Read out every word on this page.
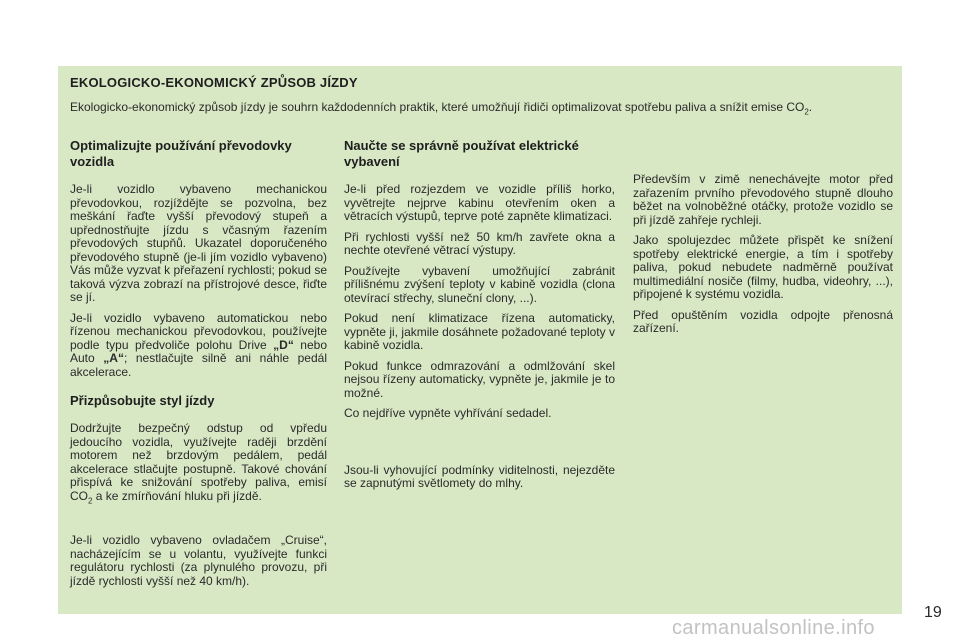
EKOLOGICKO-EKONOMICKÝ ZPŮSOB JÍZDY

Ekologicko-ekonomický způsob jízdy je souhrn každodenních praktik, které umožňují řidiči optimalizovat spotřebu paliva a snížit emise $CO_2$.

Optimalizujte používání převodovky vozidla

Je-li vozidlo vybaveno mechanickou převodovkou, rozjíždějte se pozvolna, bez meškání řaďte vyšší převodový stupeň a upřednostňujte jízdu s včasným řazením převodových stupňů. Ukazatel doporučeného převodového stupně (je-li jím vozidlo vybaveno) Vás může vyzvat k přeřazení rychlosti; pokud se taková výzva zobrazí na přístrojové desce, řiďte se jí.

Je-li vozidlo vybaveno automatickou nebo řízenou mechanickou převodovkou, používejte podle typu předvoliče polohu Drive „D“ nebo Auto „A“; nestlačujte silně ani náhle pedál akcelerace.

Přizpůsobujte styl jízdy

Dodržujte bezpečný odstup od vpředu jedoucího vozidla, využívejte raději brzdění motorem než brzdovým pedálem, pedál akcelerace stlačujte postupně. Takové chování přispívá ke snižování spotřeby paliva, emisí $CO_2$ a ke zmírňování hluku při jízdě.

Je-li vozidlo vybaveno ovladačem „Cruise“, nacházejícím se u volantu, využívejte funkci regulátoru rychlosti (za plynulého provozu, při jízdě rychlosti vyšší než 40 km/h).

Naučte se správně používat elektrické vybavení

Je-li před rozjezdem ve vozidle příliš horko, vyvětrejte nejprve kabinu otevřením oken a větracích výstupů, teprve poté zapněte klimatizaci.

Při rychlosti vyšší než 50 km/h zavřete okna a nechte otevřené větrací výstupy.

Používejte vybavení umožňující zabránit přílišnému zvýšení teploty v kabině vozidla (clona otevírací střechy, sluneční clony, ...).

Pokud není klimatizace řízena automaticky, vypněte ji, jakmile dosáhnete požadované teploty v kabině vozidla.

Pokud funkce odmrazování a odmlžování skel nejsou řízeny automaticky, vypněte je, jakmile je to možné.

Co nejdříve vypněte vyhřívání sedadel.

Jsou-li vyhovující podmínky viditelnosti, nejezděte se zapnutými světlomety do mlhy.

Především v zimě nenechávejte motor před zařazením prvního převodového stupně dlouho běžet na volnoběžné otáčky, protože vozidlo se při jízdě zahřeje rychleji.

Jako spolujezdec můžete přispět ke snížení spotřeby elektrické energie, a tím i spotřeby paliva, pokud nebudete nadměrně používat multimediální nosiče (filmy, hudba, videohry, ...), připojené k systému vozidla.

Před opuštěním vozidla odpojte přenosná zařízení.

19
carmanualsonline.info
